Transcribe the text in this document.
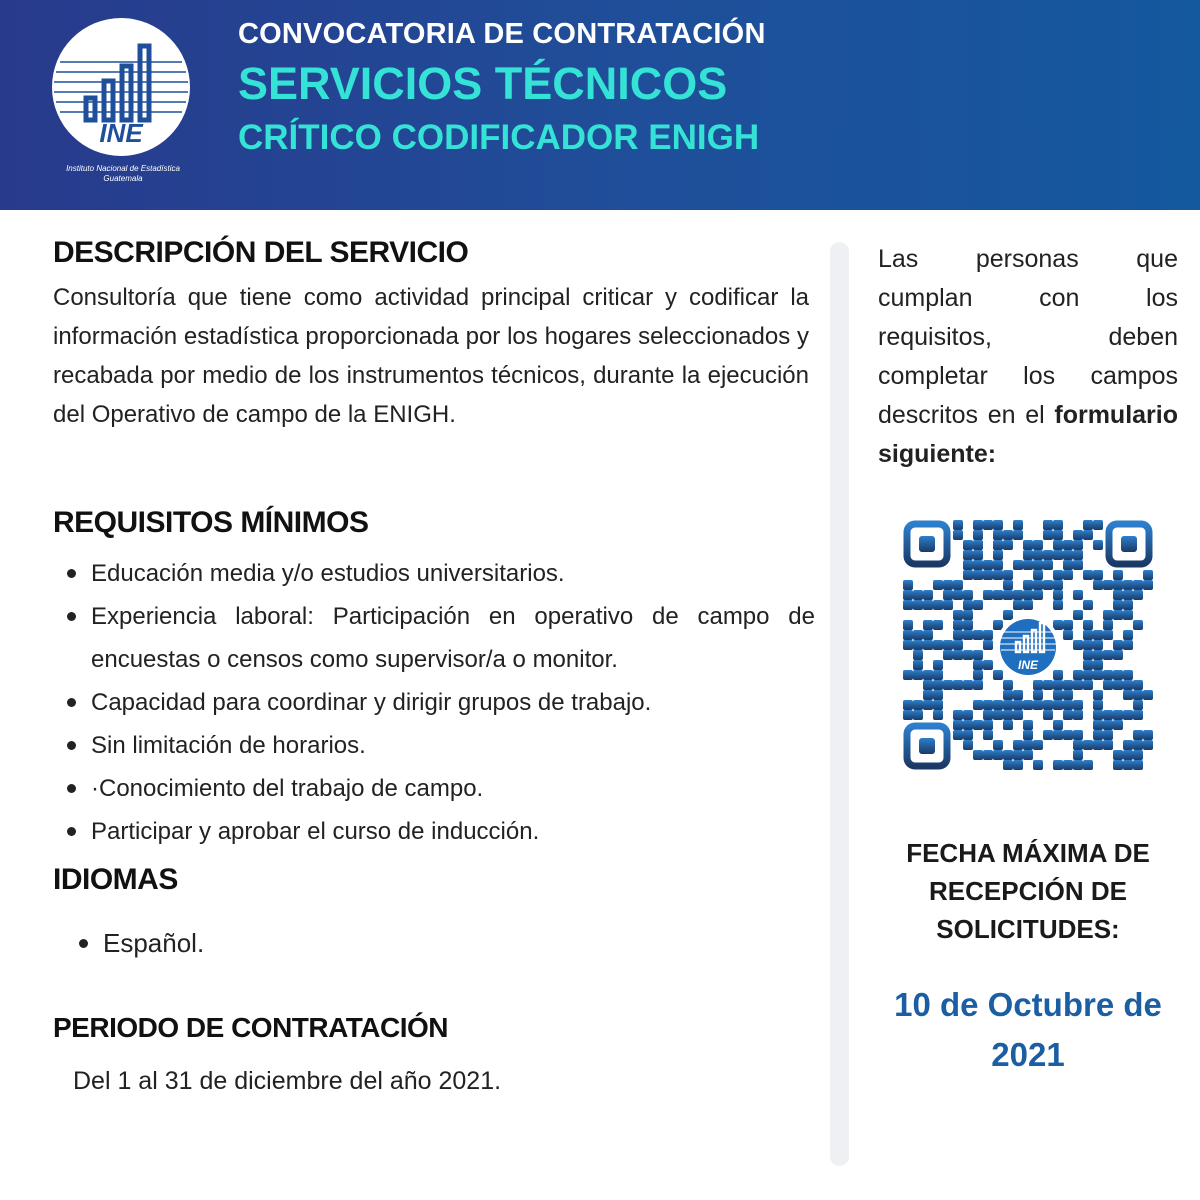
INE
Instituto Nacional de Estadística
Guatemala
CONVOCATORIA DE CONTRATACIÓN
SERVICIOS TÉCNICOS
CRÍTICO CODIFICADOR ENIGH
DESCRIPCIÓN DEL SERVICIO
Consultoría que tiene como actividad principal criticar y codificar la información estadística proporcionada por los hogares seleccionados y recabada por medio de los instrumentos técnicos, durante la ejecución del Operativo de campo de la ENIGH.
REQUISITOS MÍNIMOS
Educación media y/o estudios universitarios.
Experiencia laboral: Participación en operativo de campo de encuestas o censos como supervisor/a o monitor.
Capacidad para coordinar y dirigir grupos de trabajo.
Sin limitación de horarios.
·Conocimiento del trabajo de campo.
Participar y aprobar el curso de inducción.
IDIOMAS
Español.
PERIODO DE CONTRATACIÓN
Del 1 al 31 de diciembre del año 2021.
Las personas que cumplan con los requisitos, deben completar los campos descritos en el formulario siguiente:
INE
FECHA MÁXIMA DE RECEPCIÓN DE SOLICITUDES:
10 de Octubre de 2021
